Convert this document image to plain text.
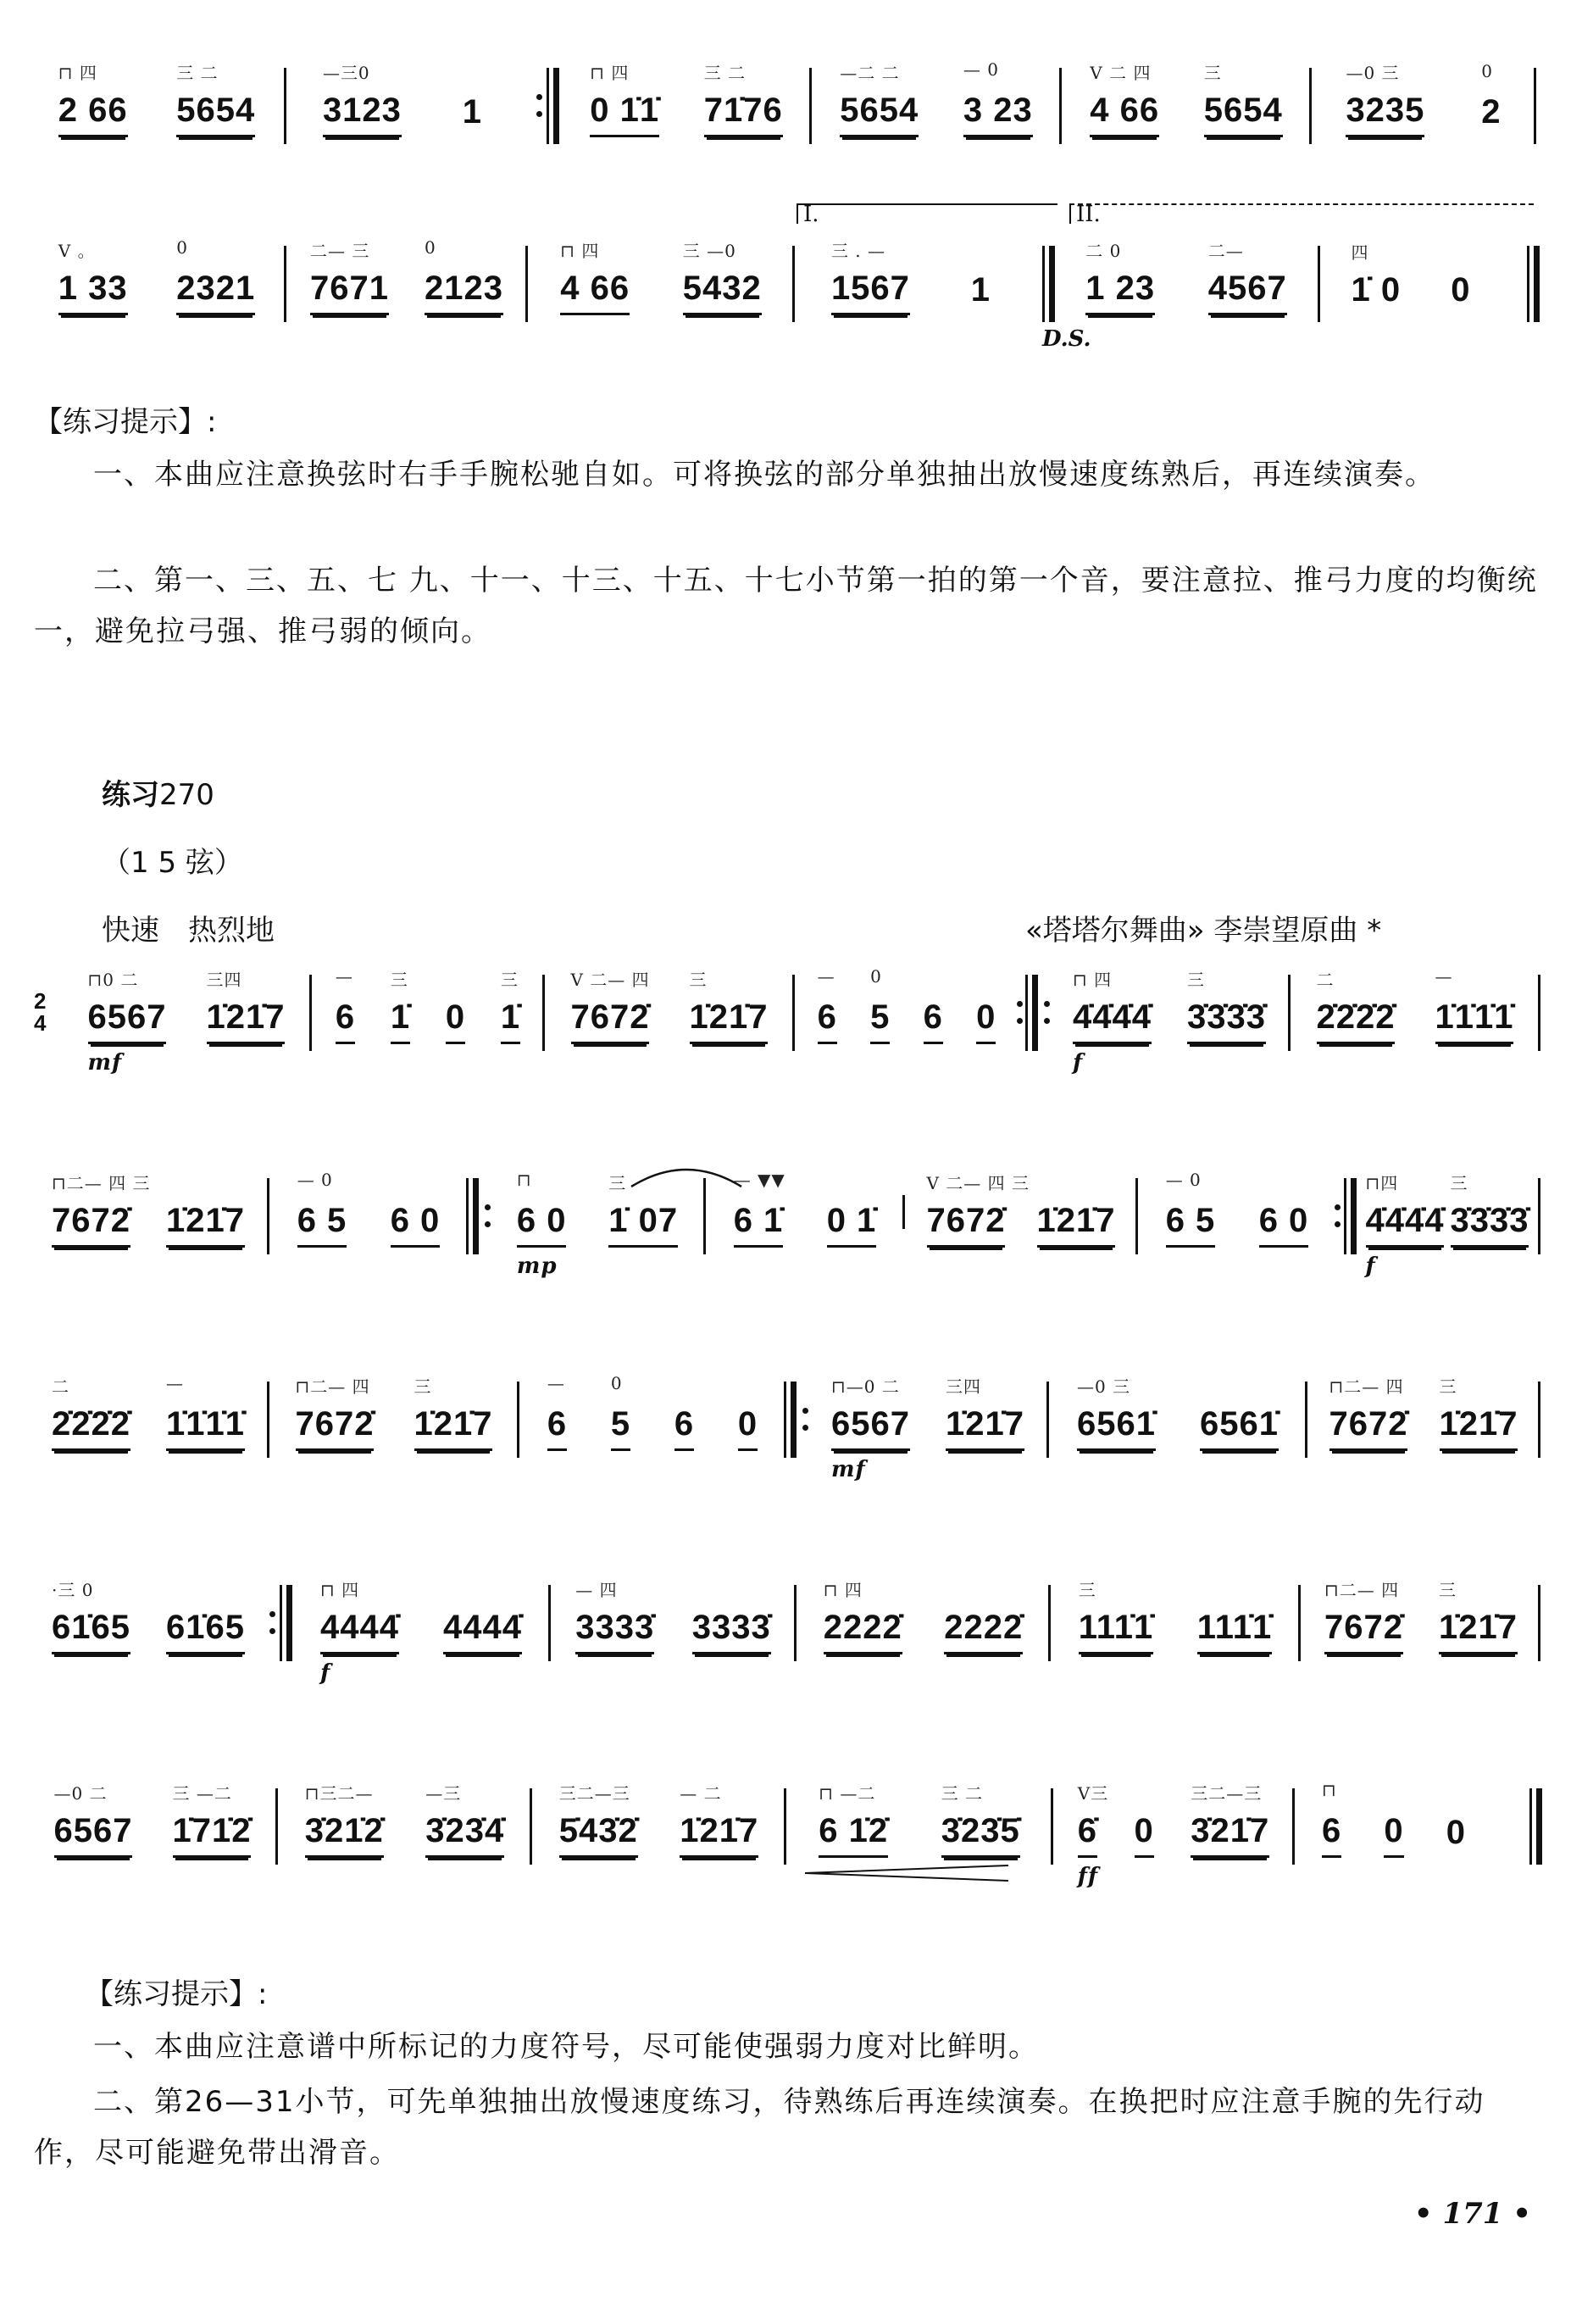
⊓ 四
2 66
三 二
5654
—三0
3123 1
⊓ 四
0 1̇1̇
三 二
71̇76
—二 二
5654
— 0
3 23
V 二 四
4 66
三
5654
—0 三
3235
0
2
V 。
1 33
0
2321
二— 三
7671
0
2123
⊓ 四
4 66
三 —0
5432
I.
三 . —
1567 1
II.
二 0
1 23
二—
4567
D.S.
四
1̇ 0 0
【练习提示】:
一、本曲应注意换弦时右手手腕松驰自如。可将换弦的部分单独抽出放慢速度练熟后，再连续演奏。
二、第一、三、五、七 九、十一、十三、十五、十七小节第一拍的第一个音，要注意拉、推弓力度的均衡统一，避免拉弓强、推弓弱的倾向。
练习270
（1 5 弦）
快速　热烈地	«塔塔尔舞曲» 李崇望原曲 *
2
4
⊓0 二
6567
mf
三四
1̇21̇7
—
6
三
1̇ 0
三
1̇
V 二— 四
7672̇
三
1̇21̇7
—
6
0
5 6 0
⊓ 四
4̇4̇4̇4̇
f
三
3̇3̇3̇3̇
二
2̇2̇2̇2̇
—
1̇1̇1̇1̇
⊓二— 四 三
7672̇ 1̇21̇7
— 0
6 5 6 0
⊓
6 0
mp
三
1̇ 07
— ▼▼
6 1̇ 0 1̇
V 二— 四 三
7672̇ 1̇21̇7
— 0
6 5 6 0
⊓四
4̇4̇4̇4̇
f
三
3̇3̇3̇3̇
二
2̇2̇2̇2̇
—
1̇1̇1̇1̇
⊓二— 四
7672̇
三
1̇21̇7
—
6
0
5 6 0
⊓—0 二
6567
mf
三四
1̇21̇7
—0 三
6561̇ 6561̇
⊓二— 四
7672̇
三
1̇21̇7
·三 0
61̇65 61̇65
⊓ 四
4444̇
f
4444̇
— 四
3333̇ 3333̇
⊓ 四
2222̇ 2222̇
三
111̇1̇ 111̇1̇
⊓二— 四
7672̇
三
1̇21̇7
—0 二
6567
三 —二
1̇71̇2̇
⊓三二—
3̇21̇2̇
—三
3̇23̇4̇
三二—三
5̇43̇2̇
— 二
1̇21̇7
⊓ —二
6 1̇2̇
三 二
3̇23̇5̇
V三
6̇
ff
0
三二—三
3̇21̇7
⊓
6 0 0
【练习提示】:
一、本曲应注意谱中所标记的力度符号，尽可能使强弱力度对比鲜明。
二、第26—31小节，可先单独抽出放慢速度练习，待熟练后再连续演奏。在换把时应注意手腕的先行动作，尽可能避免带出滑音。
• 171 •
